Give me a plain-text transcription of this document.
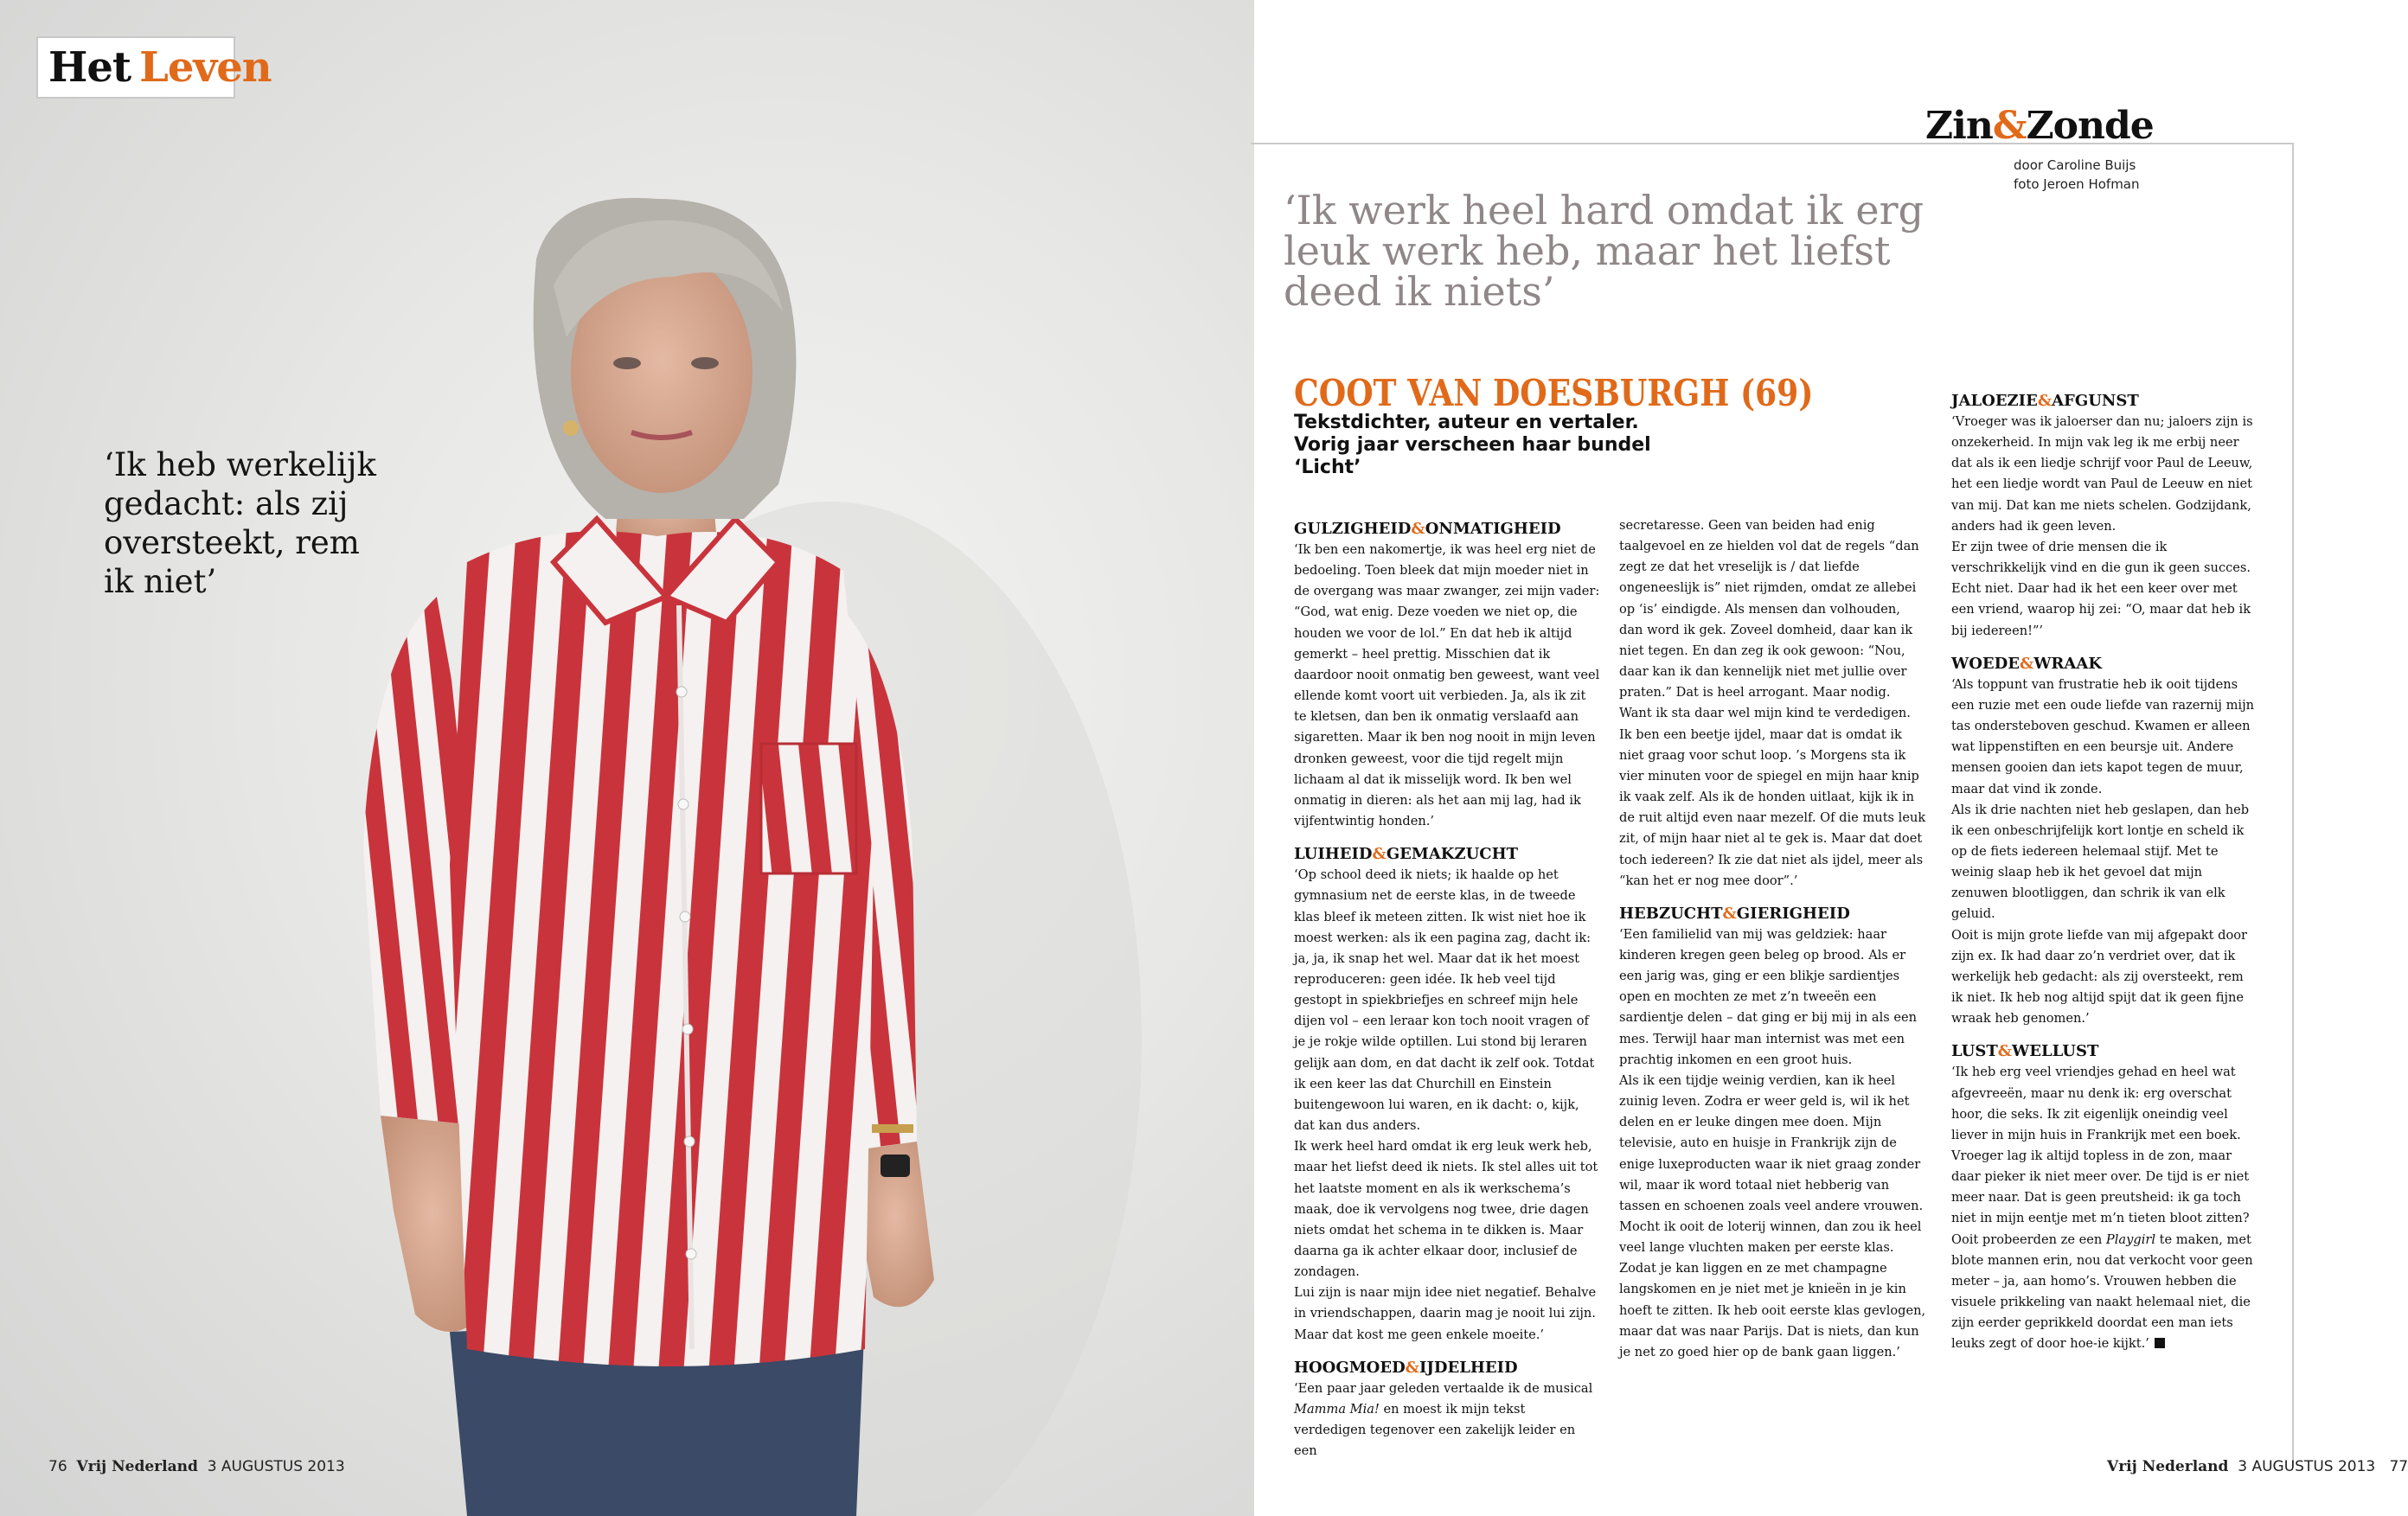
Het Leven
‘Ik heb werkelijk gedacht: als zij oversteekt, rem ik niet’
76 Vrij Nederland 3 AUGUSTUS 2013
Zin&Zonde
door Caroline Buijs
foto Jeroen Hofman
‘Ik werk heel hard omdat ik erg leuk werk heb, maar het liefst deed ik niets’
COOT VAN DOESBURGH (69)
Tekstdichter, auteur en vertaler. Vorig jaar verscheen haar bundel ‘Licht’
GULZIGHEID&ONMATIGHEID

‘Ik ben een nakomertje, ik was heel erg niet de bedoeling. Toen bleek dat mijn moeder niet in de overgang was maar zwanger, zei mijn vader: “God, wat enig. Deze voeden we niet op, die houden we voor de lol.” En dat heb ik altijd gemerkt – heel prettig. Misschien dat ik daardoor nooit onmatig ben geweest, want veel ellende komt voort uit verbieden. Ja, als ik zit te kletsen, dan ben ik onmatig verslaafd aan sigaretten. Maar ik ben nog nooit in mijn leven dronken geweest, voor die tijd regelt mijn lichaam al dat ik misselijk word. Ik ben wel onmatig in dieren: als het aan mij lag, had ik vijfentwintig honden.’

LUIHEID&GEMAKZUCHT

‘Op school deed ik niets; ik haalde op het gymnasium net de eerste klas, in de tweede klas bleef ik meteen zitten. Ik wist niet hoe ik moest werken: als ik een pagina zag, dacht ik: ja, ja, ik snap het wel. Maar dat ik het moest reproduceren: geen idée. Ik heb veel tijd gestopt in spiekbriefjes en schreef mijn hele dijen vol – een leraar kon toch nooit vragen of je je rokje wilde optillen. Lui stond bij leraren gelijk aan dom, en dat dacht ik zelf ook. Totdat ik een keer las dat Churchill en Einstein buitengewoon lui waren, en ik dacht: o, kijk, dat kan dus anders.

Ik werk heel hard omdat ik erg leuk werk heb, maar het liefst deed ik niets. Ik stel alles uit tot het laatste moment en als ik werkschema’s maak, doe ik vervolgens nog twee, drie dagen niets omdat het schema in te dikken is. Maar daarna ga ik achter elkaar door, inclusief de zondagen.

Lui zijn is naar mijn idee niet negatief. Behalve in vriendschappen, daarin mag je nooit lui zijn. Maar dat kost me geen enkele moeite.’

HOOGMOED&IJDELHEID

‘Een paar jaar geleden vertaalde ik de musical Mamma Mia! en moest ik mijn tekst verdedigen tegenover een zakelijk leider en een

secretaresse. Geen van beiden had enig taalgevoel en ze hielden vol dat de regels “dan zegt ze dat het vreselijk is / dat liefde ongeneeslijk is” niet rijmden, omdat ze allebei op ‘is’ eindigde. Als mensen dan volhouden, dan word ik gek. Zoveel domheid, daar kan ik niet tegen. En dan zeg ik ook gewoon: “Nou, daar kan ik dan kennelijk niet met jullie over praten.” Dat is heel arrogant. Maar nodig. Want ik sta daar wel mijn kind te verdedigen.

Ik ben een beetje ijdel, maar dat is omdat ik niet graag voor schut loop. ’s Morgens sta ik vier minuten voor de spiegel en mijn haar knip ik vaak zelf. Als ik de honden uitlaat, kijk ik in de ruit altijd even naar mezelf. Of die muts leuk zit, of mijn haar niet al te gek is. Maar dat doet toch iedereen? Ik zie dat niet als ijdel, meer als “kan het er nog mee door”.’

HEBZUCHT&GIERIGHEID

‘Een familielid van mij was geldziek: haar kinderen kregen geen beleg op brood. Als er een jarig was, ging er een blikje sardientjes open en mochten ze met z’n tweeën een sardientje delen – dat ging er bij mij in als een mes. Terwijl haar man internist was met een prachtig inkomen en een groot huis.

Als ik een tijdje weinig verdien, kan ik heel zuinig leven. Zodra er weer geld is, wil ik het delen en er leuke dingen mee doen. Mijn televisie, auto en huisje in Frankrijk zijn de enige luxeproducten waar ik niet graag zonder wil, maar ik word totaal niet hebberig van tassen en schoenen zoals veel andere vrouwen. Mocht ik ooit de loterij winnen, dan zou ik heel veel lange vluchten maken per eerste klas. Zodat je kan liggen en ze met champagne langskomen en je niet met je knieën in je kin hoeft te zitten. Ik heb ooit eerste klas gevlogen, maar dat was naar Parijs. Dat is niets, dan kun je net zo goed hier op de bank gaan liggen.’

JALOEZIE&AFGUNST

‘Vroeger was ik jaloerser dan nu; jaloers zijn is onzekerheid. In mijn vak leg ik me erbij neer dat als ik een liedje schrijf voor Paul de Leeuw, het een liedje wordt van Paul de Leeuw en niet van mij. Dat kan me niets schelen. Godzijdank, anders had ik geen leven.

Er zijn twee of drie mensen die ik verschrikkelijk vind en die gun ik geen succes. Echt niet. Daar had ik het een keer over met een vriend, waarop hij zei: “O, maar dat heb ik bij iedereen!”’

WOEDE&WRAAK

‘Als toppunt van frustratie heb ik ooit tijdens een ruzie met een oude liefde van razernij mijn tas ondersteboven geschud. Kwamen er alleen wat lippenstiften en een beursje uit. Andere mensen gooien dan iets kapot tegen de muur, maar dat vind ik zonde.

Als ik drie nachten niet heb geslapen, dan heb ik een onbeschrijfelijk kort lontje en scheld ik op de fiets iedereen helemaal stijf. Met te weinig slaap heb ik het gevoel dat mijn zenuwen blootliggen, dan schrik ik van elk geluid.

Ooit is mijn grote liefde van mij afgepakt door zijn ex. Ik had daar zo’n verdriet over, dat ik werkelijk heb gedacht: als zij oversteekt, rem ik niet. Ik heb nog altijd spijt dat ik geen fijne wraak heb genomen.’

LUST&WELLUST

‘Ik heb erg veel vriendjes gehad en heel wat afgevreeën, maar nu denk ik: erg overschat hoor, die seks. Ik zit eigenlijk oneindig veel liever in mijn huis in Frankrijk met een boek.

Vroeger lag ik altijd topless in de zon, maar daar pieker ik niet meer over. De tijd is er niet meer naar. Dat is geen preutsheid: ik ga toch niet in mijn eentje met m’n tieten bloot zitten? Ooit probeerden ze een Playgirl te maken, met blote mannen erin, nou dat verkocht voor geen meter – ja, aan homo’s. Vrouwen hebben die visuele prikkeling van naakt helemaal niet, die zijn eerder geprikkeld doordat een man iets leuks zegt of door hoe-ie kijkt.’

Vrij Nederland 3 AUGUSTUS 2013 77
